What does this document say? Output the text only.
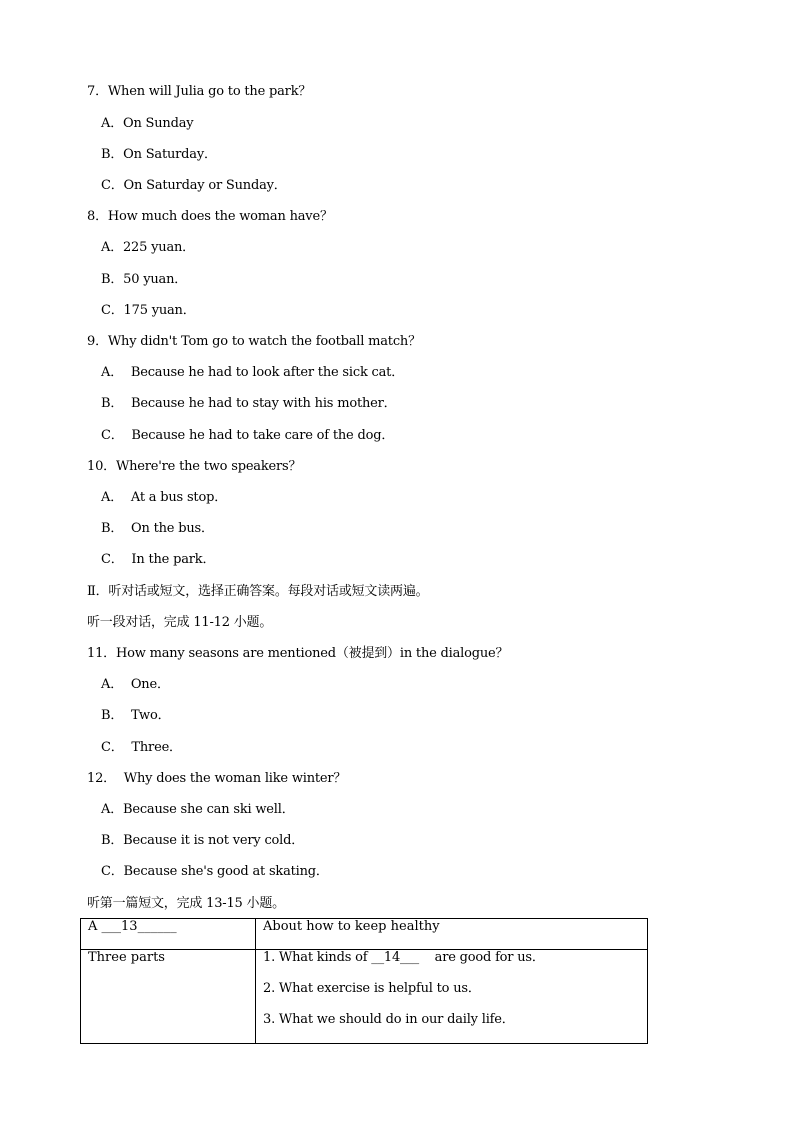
7．When will Julia go to the park？
A．On Sunday
B．On Saturday．
C．On Saturday or Sunday．
8．How much does the woman have？
A．225 yuan．
B．50 yuan．
C．175 yuan．
9．Why didn't Tom go to watch the football match？
A．  Because he had to look after the sick cat．
B．  Because he had to stay with his mother．
C．  Because he had to take care of the dog．
10．Where're the two speakers？
A．  At a bus stop．
B．  On the bus．
C．  In the park．
Ⅱ．听对话或短文，选择正确答案。每段对话或短文读两遍。
听一段对话，完成 11-12 小题。
11．How many seasons are mentioned（被提到）in the dialogue？
A．  One．
B．  Two．
C．  Three．
12．  Why does the woman like winter？
A．Because she can ski well．
B．Because it is not very cold．
C．Because she's good at skating．
听第一篇短文，完成 13-15 小题。
A ___13______	About how to keep healthy
Three parts	1. What kinds of __14___    are good for us．
2. What exercise is helpful to us．
3. What we should do in our daily life．
